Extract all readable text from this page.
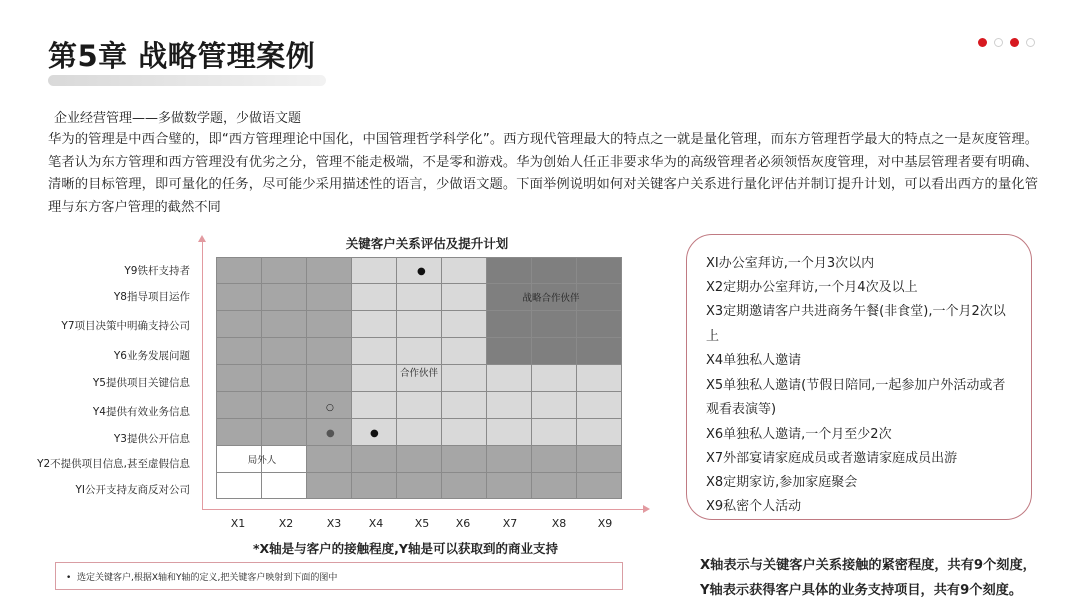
第5章 战略管理案例
企业经营管理——多做数学题，少做语文题
华为的管理是中西合璧的，即“西方管理理论中国化，中国管理哲学科学化”。西方现代管理最大的特点之一就是量化管理，而东方管理哲学最大的特点之一是灰度管理。笔者认为东方管理和西方管理没有优劣之分，管理不能走极端，不是零和游戏。华为创始人任正非要求华为的高级管理者必须领悟灰度管理，对中基层管理者要有明确、清晰的目标管理，即可量化的任务，尽可能少采用描述性的语言，少做语文题。下面举例说明如何对关键客户关系进行量化评估并制订提升计划，可以看出西方的量化管理与东方客户管理的截然不同
关键客户关系评估及提升计划
Y9铁杆支持者
Y8指导项目运作
Y7项目决策中明确支持公司
Y6业务发展问题
Y5提供项目关键信息
Y4提供有效业务信息
Y3提供公开信息
Y2不提供项目信息,甚至虚假信息
YI公开支持友商反对公司
战略合作伙伴
合作伙伴
局外人
●
○
●	●
X1	X2	X3	X4	X5	X6	X7	X8	X9
*X轴是与客户的接触程度,Y轴是可以获取到的商业支持
•  选定关键客户,根据X轴和Y轴的定义,把关键客户映射到下面的图中
XI办公室拜访,一个月3次以内
X2定期办公室拜访,一个月4次及以上
X3定期邀请客户共进商务午餐(非食堂),一个月2次以
上
X4单独私人邀请
X5单独私人邀请(节假日陪同,一起参加户外活动或者
观看表演等)
X6单独私人邀请,一个月至少2次
X7外部宴请家庭成员或者邀请家庭成员出游
X8定期家访,参加家庭聚会
X9私密个人活动
X轴表示与关键客户关系接触的紧密程度，共有9个刻度，
Y轴表示获得客户具体的业务支持项目，共有9个刻度。
